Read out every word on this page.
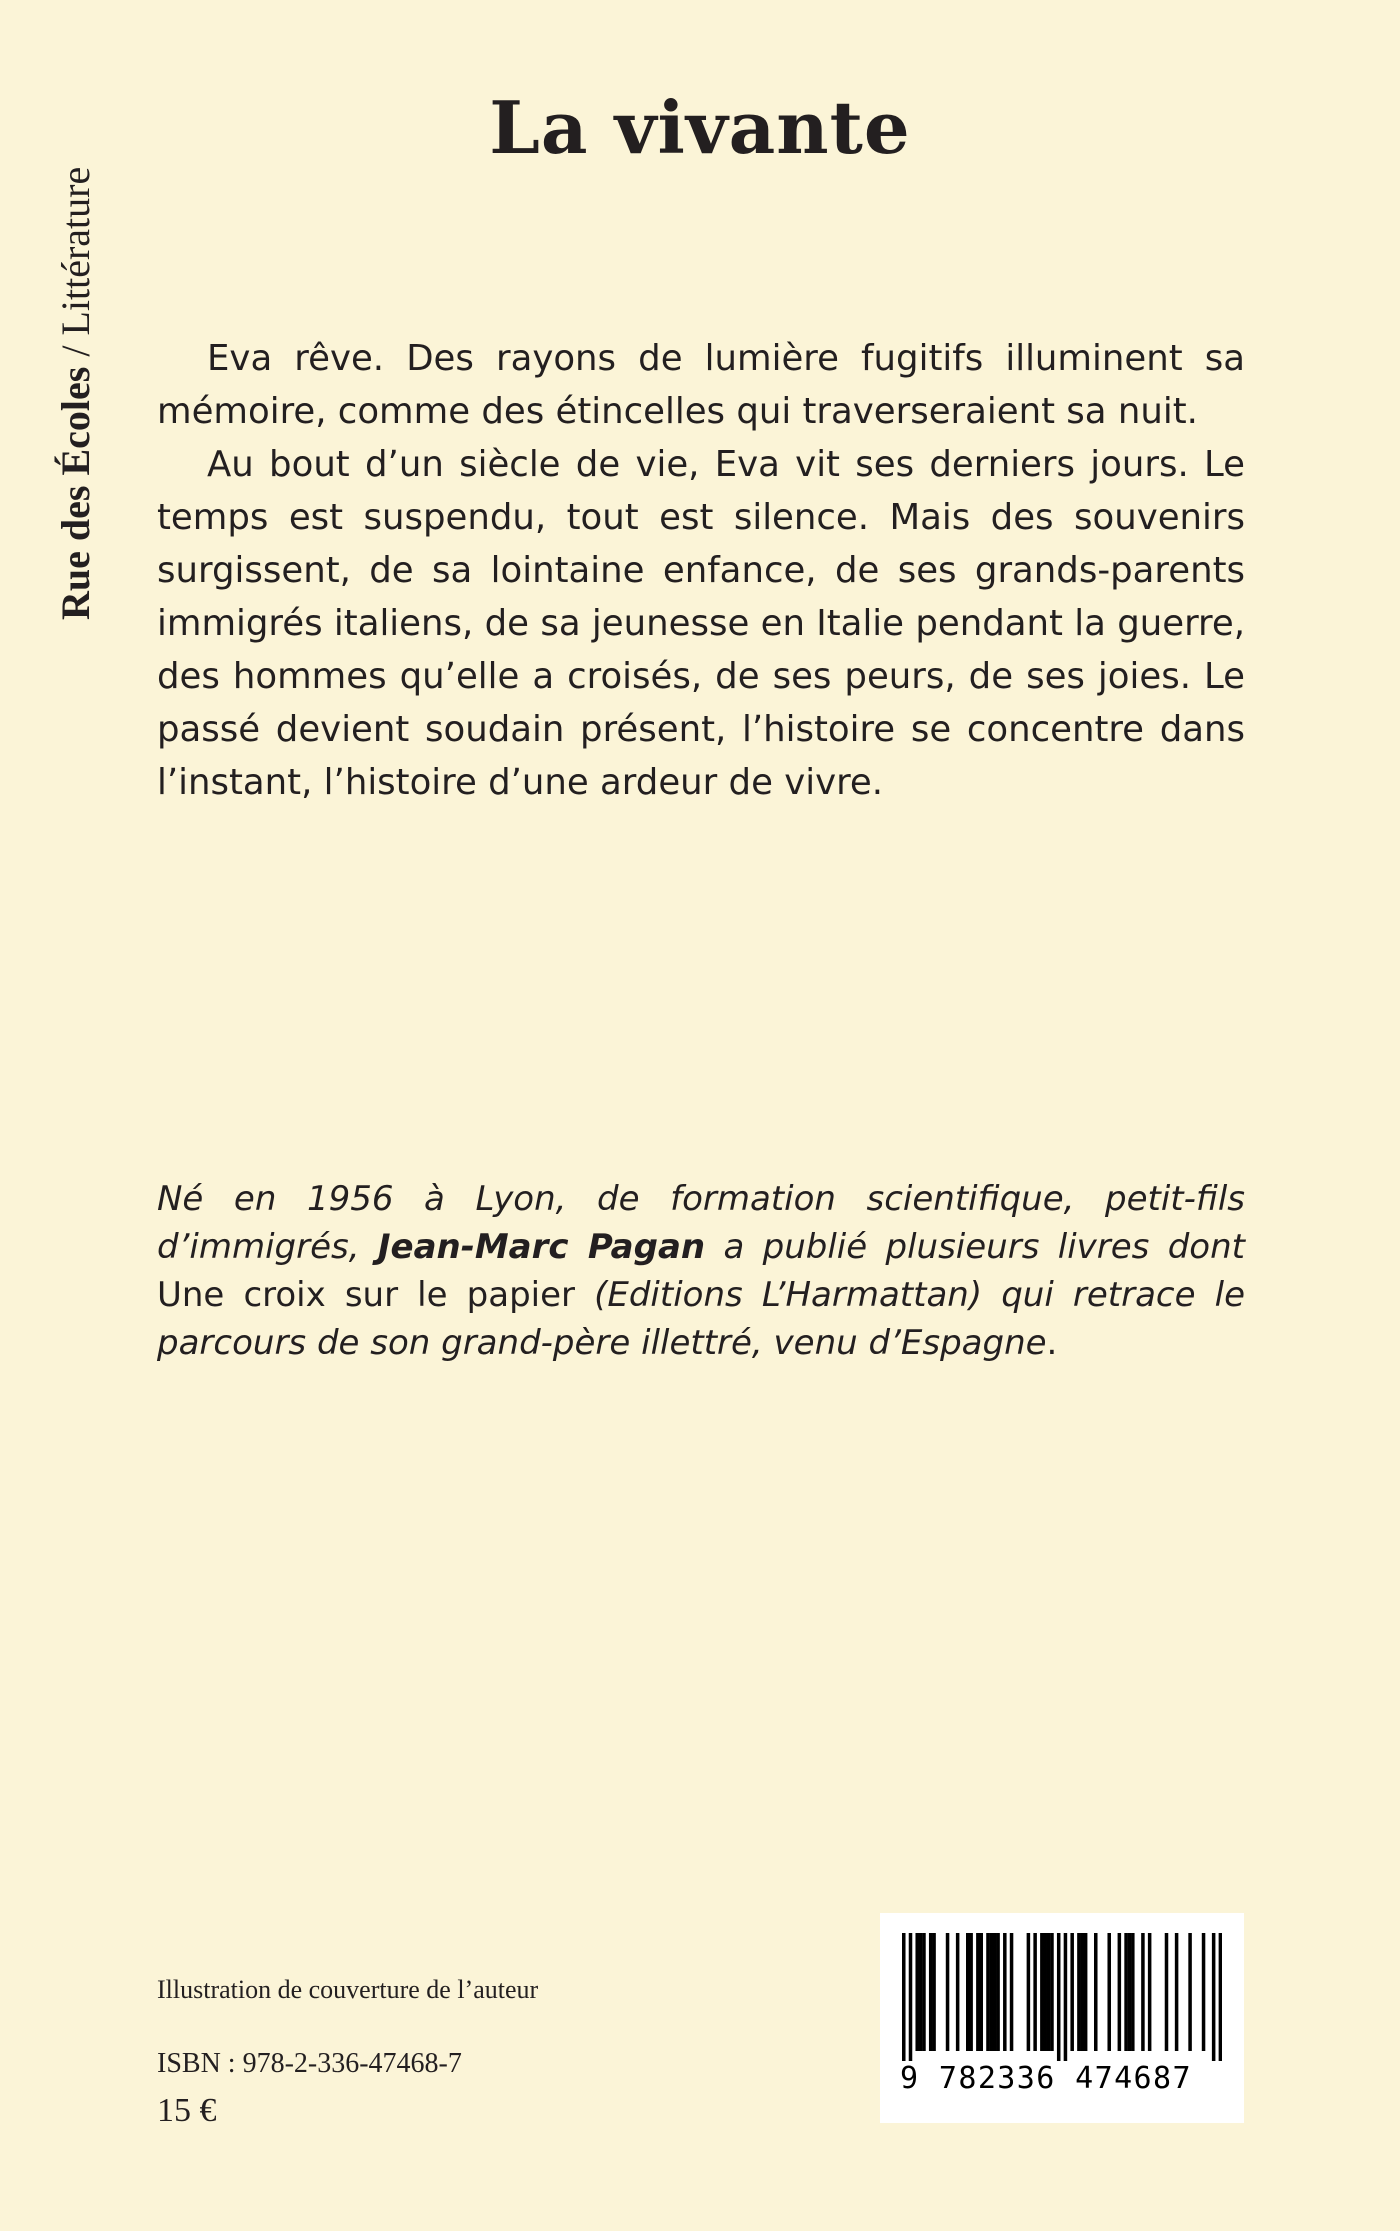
Rue des Écoles / Littérature
La vivante

Eva rêve. Des rayons de lumière fugitifs illuminent sa mémoire, comme des étincelles qui traverseraient sa nuit.

Au bout d’un siècle de vie, Eva vit ses derniers jours. Le temps est suspendu, tout est silence. Mais des souvenirs surgissent, de sa lointaine enfance, de ses grands-parents immigrés italiens, de sa jeunesse en Italie pendant la guerre, des hommes qu’elle a croisés, de ses peurs, de ses joies. Le passé devient soudain présent, l’histoire se concentre dans l’instant, l’histoire d’une ardeur de vivre.

Né en 1956 à Lyon, de formation scientifique, petit-fils d’immigrés, Jean-Marc Pagan a publié plusieurs livres dont Une croix sur le papier (Editions L’Harmattan) qui retrace le parcours de son grand-père illettré, venu d’Espagne.

Illustration de couverture de l’auteur
ISBN : 978-2-336-47468-7
15 €
9 782336 474687
